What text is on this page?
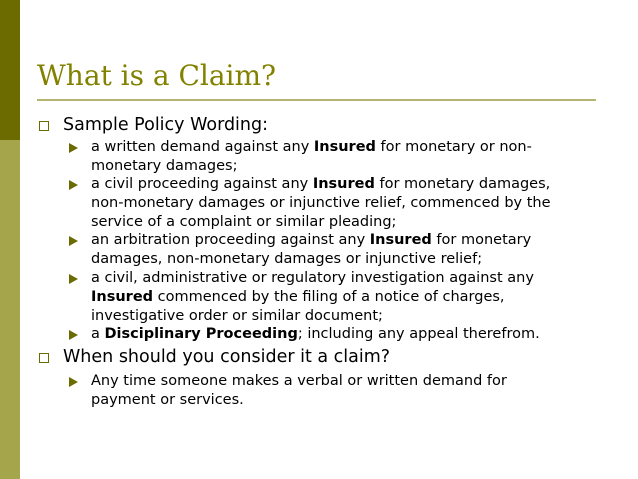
What is a Claim?
Sample Policy Wording:
a written demand against any Insured for monetary or non-
monetary damages;
a civil proceeding against any Insured for monetary damages,
non-monetary damages or injunctive relief, commenced by the
service of a complaint or similar pleading;
an arbitration proceeding against any Insured for monetary
damages, non-monetary damages or injunctive relief;
a civil, administrative or regulatory investigation against any
Insured commenced by the filing of a notice of charges,
investigative order or similar document;
a Disciplinary Proceeding; including any appeal therefrom.
When should you consider it a claim?
Any time someone makes a verbal or written demand for
payment or services.
